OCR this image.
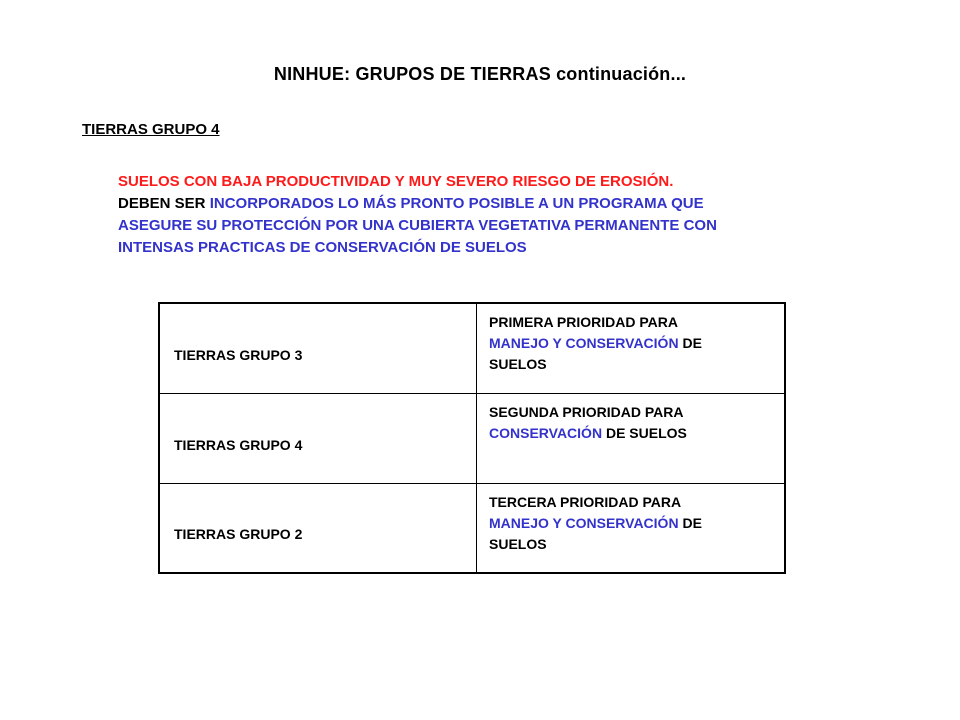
NINHUE: GRUPOS DE TIERRAS continuación...
TIERRAS GRUPO 4
SUELOS CON BAJA PRODUCTIVIDAD Y MUY SEVERO RIESGO DE EROSIÓN.
DEBEN SER INCORPORADOS LO MÁS PRONTO POSIBLE A UN PROGRAMA QUE
ASEGURE SU PROTECCIÓN POR UNA CUBIERTA VEGETATIVA PERMANENTE CON
INTENSAS PRACTICAS DE CONSERVACIÓN DE SUELOS
TIERRAS GRUPO 3	PRIMERA PRIORIDAD PARA
MANEJO Y CONSERVACIÓN DE
SUELOS
TIERRAS GRUPO 4	SEGUNDA PRIORIDAD PARA
CONSERVACIÓN DE SUELOS

TIERRAS GRUPO 2	TERCERA PRIORIDAD PARA
MANEJO Y CONSERVACIÓN DE
SUELOS
